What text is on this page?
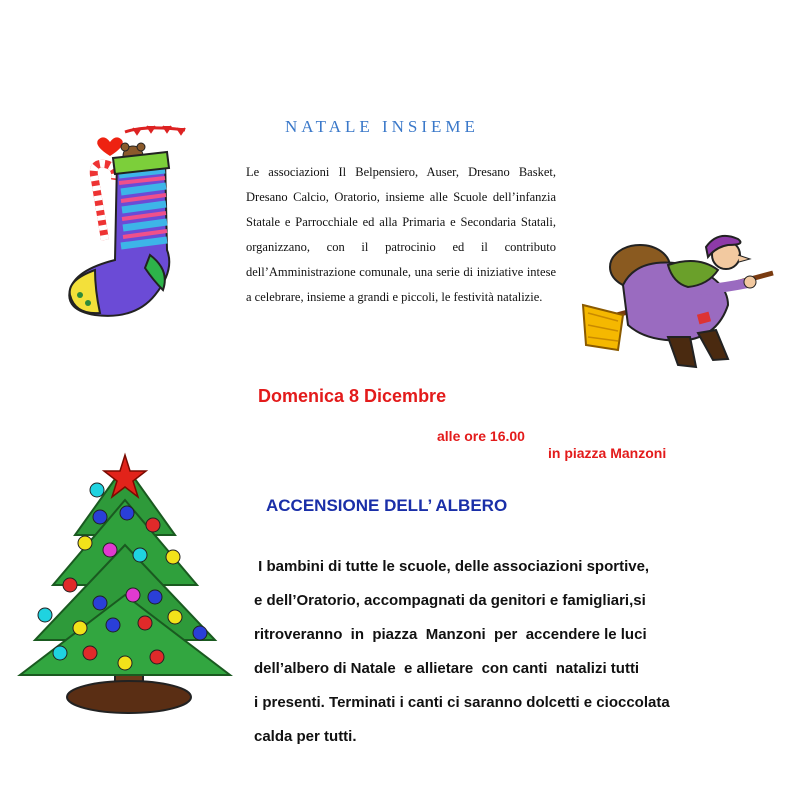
NATALE INSIEME
Le associazioni Il Belpensiero, Auser, Dresano Basket, Dresano Calcio, Oratorio, insieme alle Scuole dell’infanzia Statale e Parrocchiale ed alla Primaria e Secondaria Statali, organizzano, con il patrocinio ed il contributo dell’Amministrazione comunale, una serie di iniziative intese a celebrare, insieme a grandi e piccoli, le festività natalizie.
Domenica 8 Dicembre
alle ore 16.00
in piazza Manzoni
ACCENSIONE DELL’ ALBERO
I bambini di tutte le scuole, delle associazioni sportive,
e dell’Oratorio, accompagnati da genitori e famigliari,si
ritroveranno  in  piazza  Manzoni  per  accendere le luci
dell’albero di Natale  e allietare  con canti  natalizi tutti
i presenti. Terminati i canti ci saranno dolcetti e cioccolata
calda per tutti.
